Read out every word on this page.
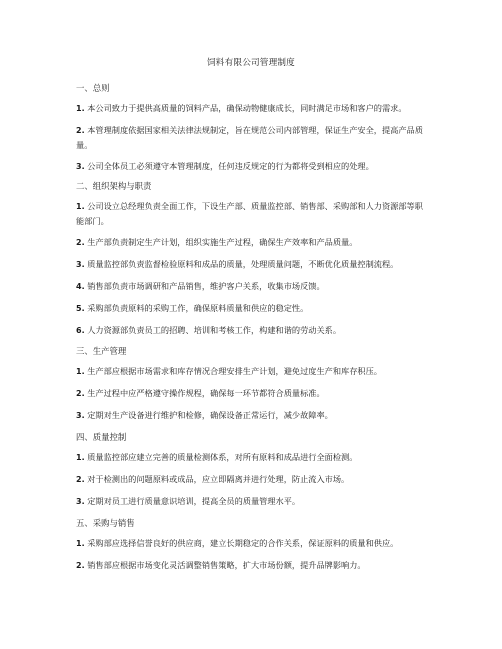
饲料有限公司管理制度
一、总则
1. 本公司致力于提供高质量的饲料产品，确保动物健康成长，同时满足市场和客户的需求。
2. 本管理制度依据国家相关法律法规制定，旨在规范公司内部管理，保证生产安全，提高产品质量。
3. 公司全体员工必须遵守本管理制度，任何违反规定的行为都将受到相应的处理。
二、组织架构与职责
1. 公司设立总经理负责全面工作，下设生产部、质量监控部、销售部、采购部和人力资源部等职能部门。
2. 生产部负责制定生产计划，组织实施生产过程，确保生产效率和产品质量。
3. 质量监控部负责监督检验原料和成品的质量，处理质量问题，不断优化质量控制流程。
4. 销售部负责市场调研和产品销售，维护客户关系，收集市场反馈。
5. 采购部负责原料的采购工作，确保原料质量和供应的稳定性。
6. 人力资源部负责员工的招聘、培训和考核工作，构建和谐的劳动关系。
三、生产管理
1. 生产部应根据市场需求和库存情况合理安排生产计划，避免过度生产和库存积压。
2. 生产过程中应严格遵守操作规程，确保每一环节都符合质量标准。
3. 定期对生产设备进行维护和检修，确保设备正常运行，减少故障率。
四、质量控制
1. 质量监控部应建立完善的质量检测体系，对所有原料和成品进行全面检测。
2. 对于检测出的问题原料或成品，应立即隔离并进行处理，防止流入市场。
3. 定期对员工进行质量意识培训，提高全员的质量管理水平。
五、采购与销售
1. 采购部应选择信誉良好的供应商，建立长期稳定的合作关系，保证原料的质量和供应。
2. 销售部应根据市场变化灵活调整销售策略，扩大市场份额，提升品牌影响力。
